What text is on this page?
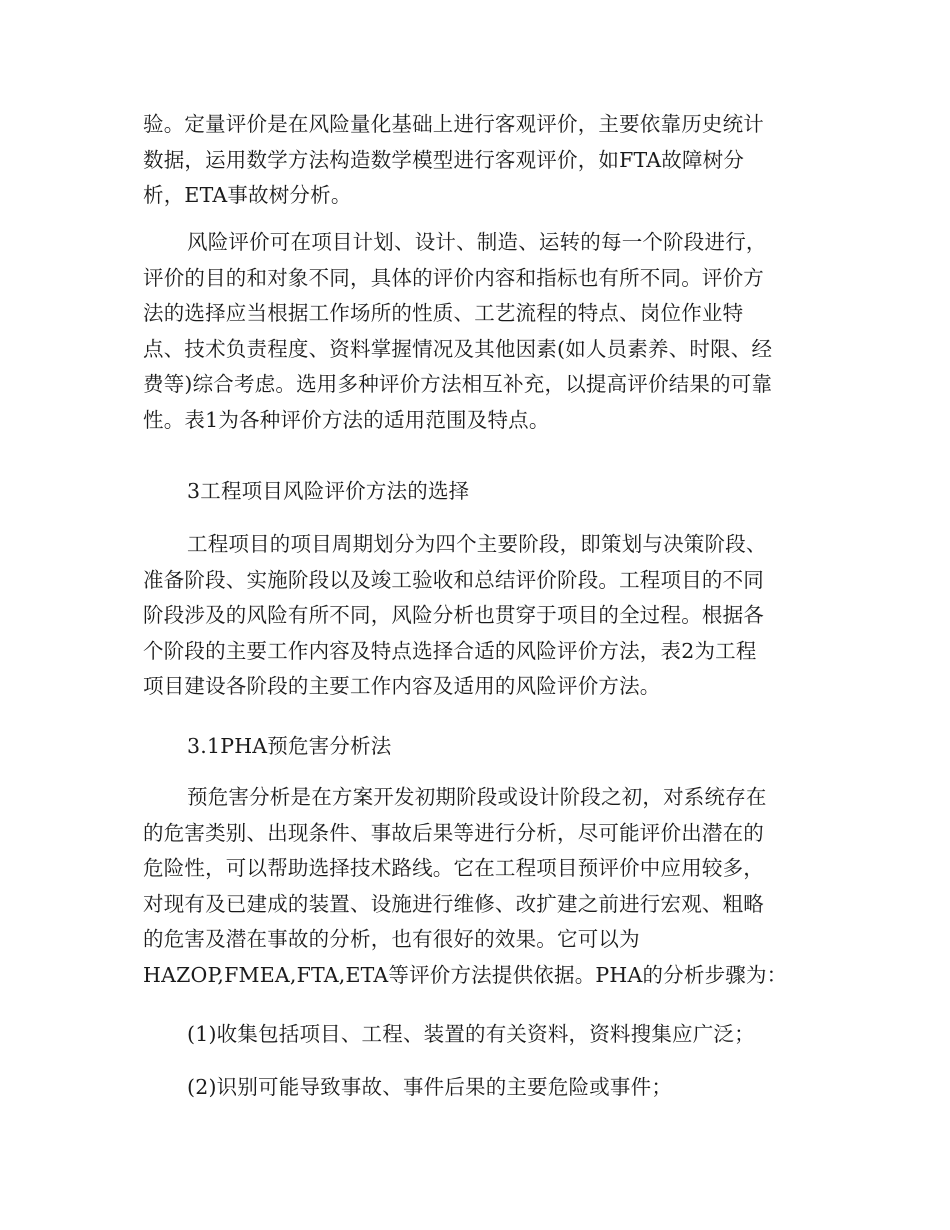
验。定量评价是在风险量化基础上进行客观评价，主要依靠历史统计
数据，运用数学方法构造数学模型进行客观评价，如FTA故障树分
析，ETA事故树分析。
风险评价可在项目计划、设计、制造、运转的每一个阶段进行，
评价的目的和对象不同，具体的评价内容和指标也有所不同。评价方
法的选择应当根据工作场所的性质、工艺流程的特点、岗位作业特
点、技术负责程度、资料掌握情况及其他因素(如人员素养、时限、经
费等)综合考虑。选用多种评价方法相互补充，以提高评价结果的可靠
性。表1为各种评价方法的适用范围及特点。
3工程项目风险评价方法的选择
工程项目的项目周期划分为四个主要阶段，即策划与决策阶段、
准备阶段、实施阶段以及竣工验收和总结评价阶段。工程项目的不同
阶段涉及的风险有所不同，风险分析也贯穿于项目的全过程。根据各
个阶段的主要工作内容及特点选择合适的风险评价方法，表2为工程
项目建设各阶段的主要工作内容及适用的风险评价方法。
3.1PHA预危害分析法
预危害分析是在方案开发初期阶段或设计阶段之初，对系统存在
的危害类别、出现条件、事故后果等进行分析，尽可能评价出潜在的
危险性，可以帮助选择技术路线。它在工程项目预评价中应用较多，
对现有及已建成的装置、设施进行维修、改扩建之前进行宏观、粗略
的危害及潜在事故的分析，也有很好的效果。它可以为
HAZOP,FMEA,FTA,ETA等评价方法提供依据。PHA的分析步骤为：
(1)收集包括项目、工程、装置的有关资料，资料搜集应广泛；
(2)识别可能导致事故、事件后果的主要危险或事件；
